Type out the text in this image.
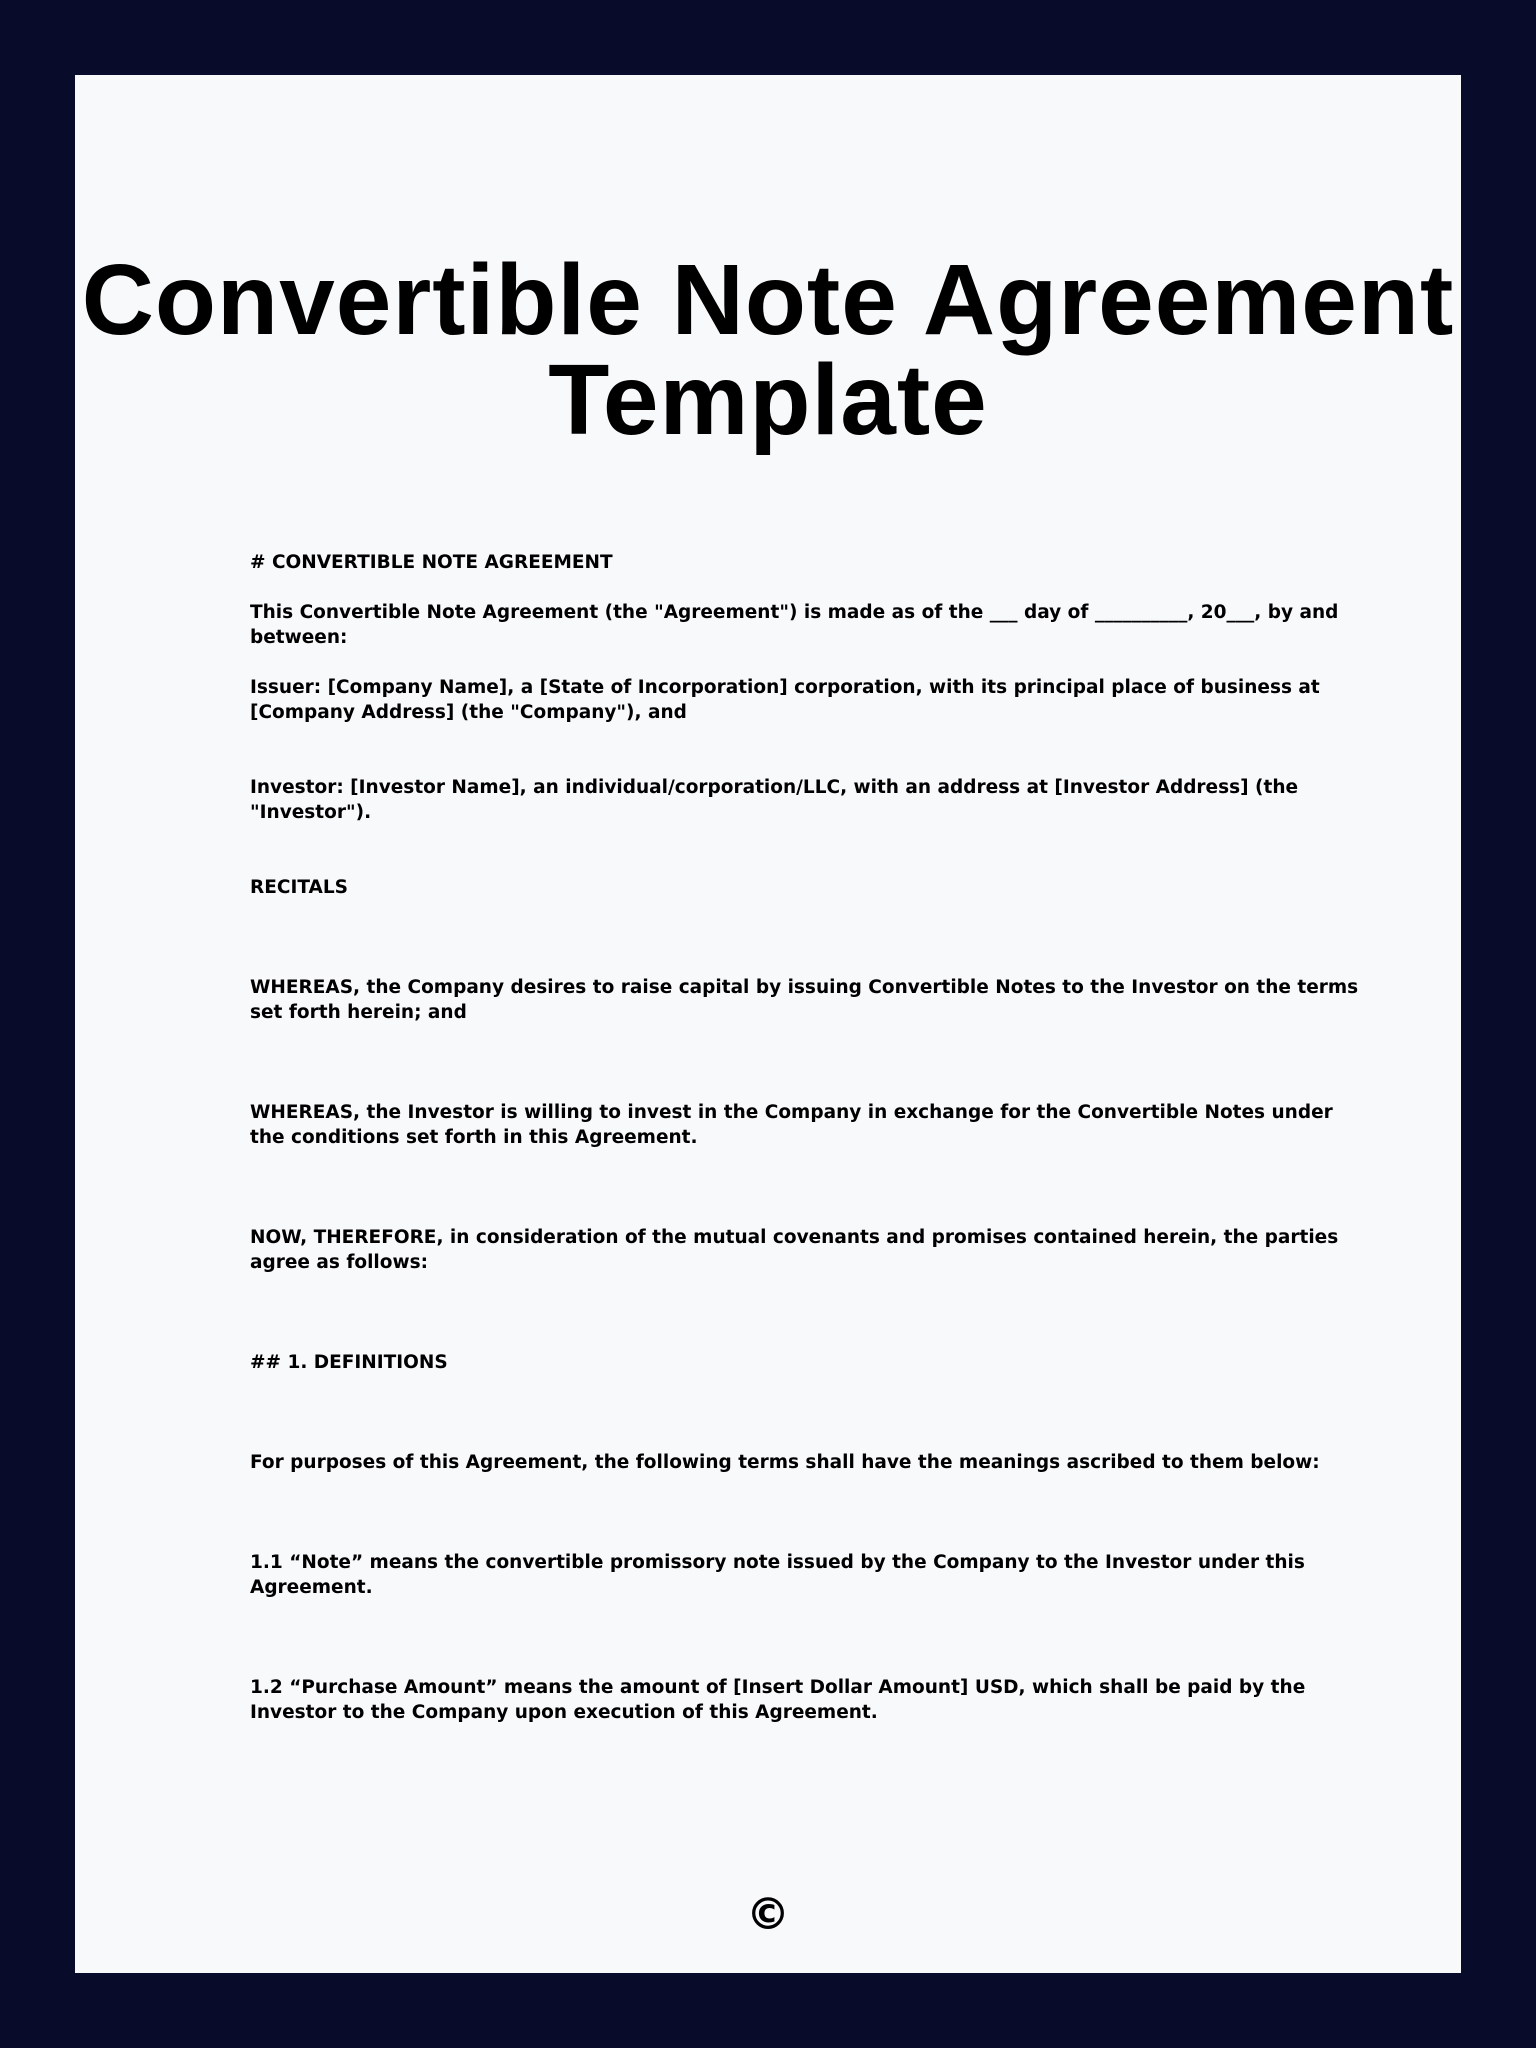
Convertible Note Agreement
Template

# CONVERTIBLE NOTE AGREEMENT

This Convertible Note Agreement (the "Agreement") is made as of the ___ day of __________, 20___, by and between:

Issuer: [Company Name], a [State of Incorporation] corporation, with its principal place of business at [Company Address] (the "Company"), and

Investor: [Investor Name], an individual/corporation/LLC, with an address at [Investor Address] (the "Investor").

RECITALS

WHEREAS, the Company desires to raise capital by issuing Convertible Notes to the Investor on the terms set forth herein; and

WHEREAS, the Investor is willing to invest in the Company in exchange for the Convertible Notes under the conditions set forth in this Agreement.

NOW, THEREFORE, in consideration of the mutual covenants and promises contained herein, the parties agree as follows:

## 1. DEFINITIONS

For purposes of this Agreement, the following terms shall have the meanings ascribed to them below:

1.1 “Note” means the convertible promissory note issued by the Company to the Investor under this Agreement.

1.2 “Purchase Amount” means the amount of [Insert Dollar Amount] USD, which shall be paid by the Investor to the Company upon execution of this Agreement.

©
